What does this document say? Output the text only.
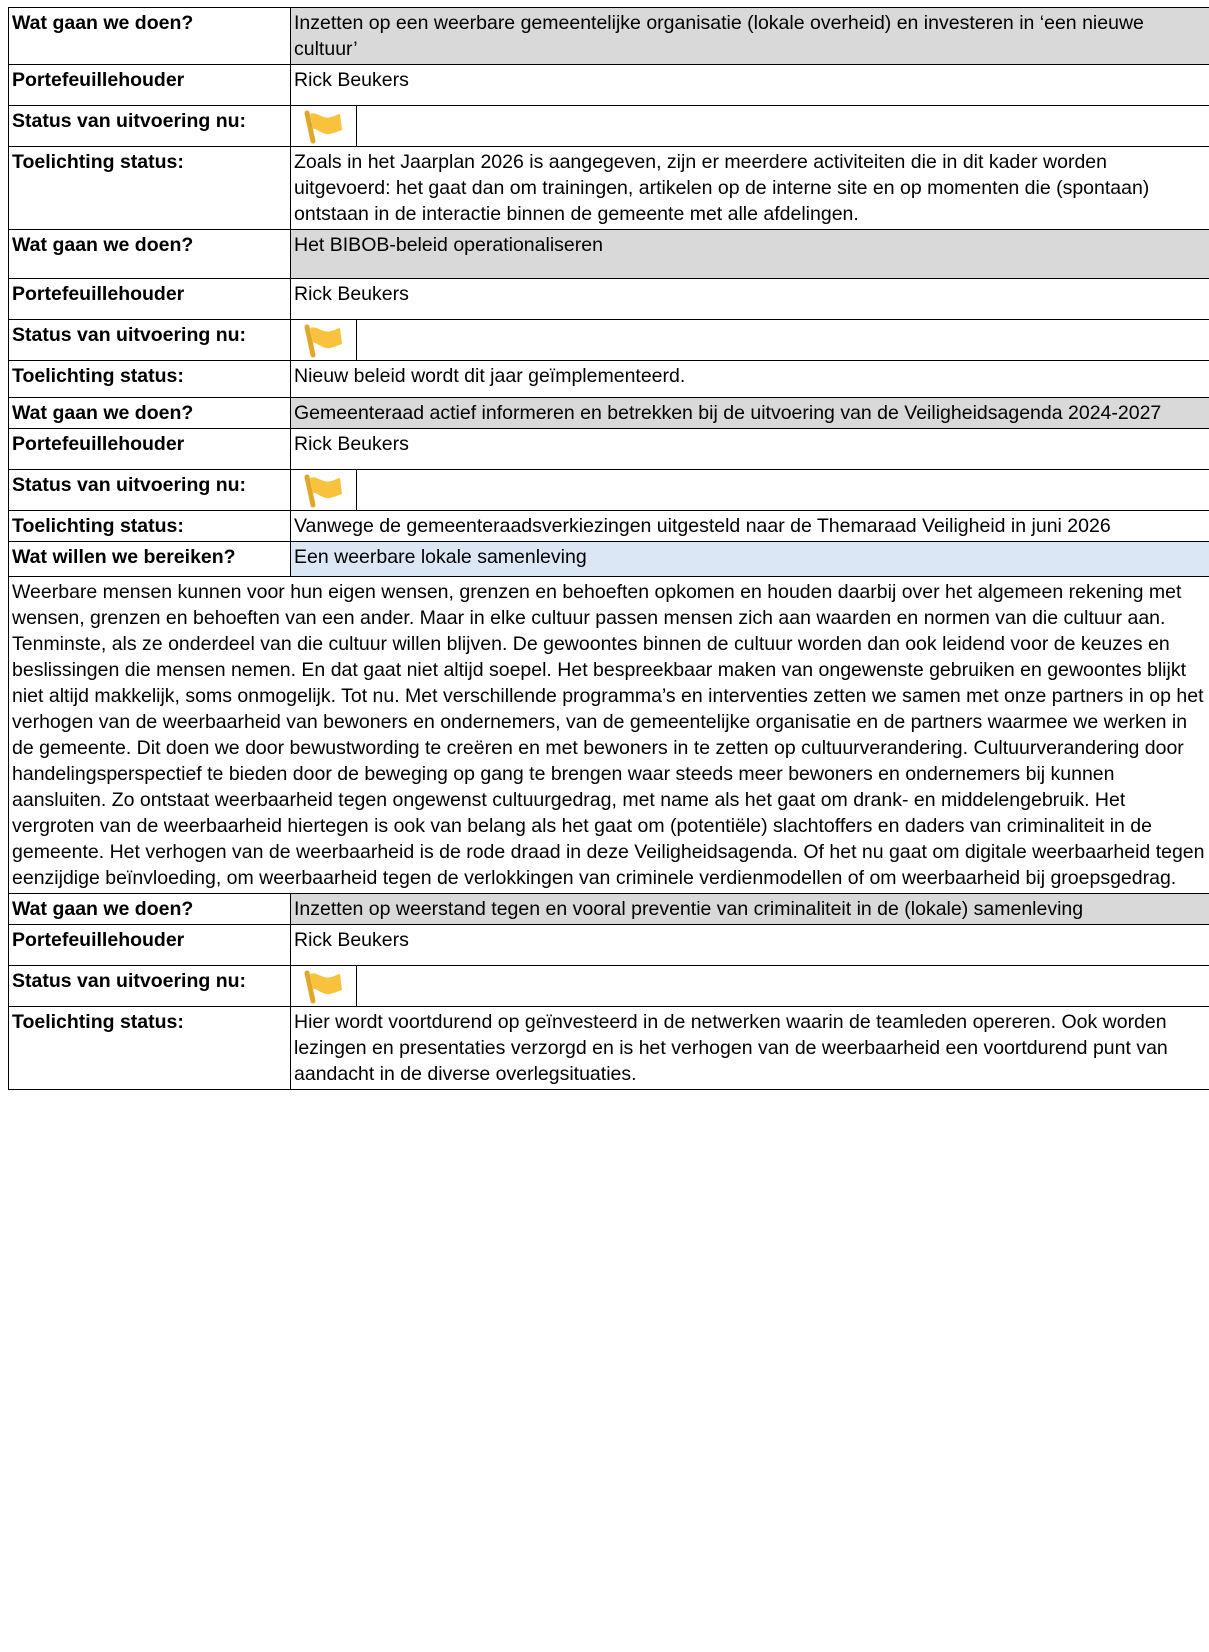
Wat gaan we doen?	Inzetten op een weerbare gemeentelijke organisatie (lokale overheid) en investeren in ‘een nieuwe cultuur’	
Portefeuillehouder	Rick Beukers	
Status van uitvoering nu:	

Toelichting status:	Zoals in het Jaarplan 2026 is aangegeven, zijn er meerdere activiteiten die in dit kader worden uitgevoerd: het gaat dan om trainingen, artikelen op de interne site en op momenten die (spontaan) ontstaan in de interactie binnen de gemeente met alle afdelingen.	
Wat gaan we doen?	Het BIBOB-beleid operationaliseren	
Portefeuillehouder	Rick Beukers	
Status van uitvoering nu:	

Toelichting status:	Nieuw beleid wordt dit jaar geïmplementeerd.	
Wat gaan we doen?	Gemeenteraad actief informeren en betrekken bij de uitvoering van de Veiligheidsagenda 2024-2027	
Portefeuillehouder	Rick Beukers	
Status van uitvoering nu:	

Toelichting status:	Vanwege de gemeenteraadsverkiezingen uitgesteld naar de Themaraad Veiligheid in juni 2026	
Wat willen we bereiken?	Een weerbare lokale samenleving	
Weerbare mensen kunnen voor hun eigen wensen, grenzen en behoeften opkomen en houden daarbij over het algemeen rekening met wensen, grenzen en behoeften van een ander. Maar in elke cultuur passen mensen zich aan waarden en normen van die cultuur aan. Tenminste, als ze onderdeel van die cultuur willen blijven. De gewoontes binnen de cultuur worden dan ook leidend voor de keuzes en beslissingen die mensen nemen. En dat gaat niet altijd soepel. Het bespreekbaar maken van ongewenste gebruiken en gewoontes blijkt niet altijd makkelijk, soms onmogelijk. Tot nu. Met verschillende programma’s en interventies zetten we samen met onze partners in op het verhogen van de weerbaarheid van bewoners en ondernemers, van de gemeentelijke organisatie en de partners waarmee we werken in de gemeente. Dit doen we door bewustwording te creëren en met bewoners in te zetten op cultuurverandering. Cultuurverandering door handelingsperspectief te bieden door de beweging op gang te brengen waar steeds meer bewoners en ondernemers bij kunnen aansluiten. Zo ontstaat weerbaarheid tegen ongewenst cultuurgedrag, met name als het gaat om drank- en middelengebruik. Het vergroten van de weerbaarheid hiertegen is ook van belang als het gaat om (potentiële) slachtoffers en daders van criminaliteit in de gemeente. Het verhogen van de weerbaarheid is de rode draad in deze Veiligheidsagenda. Of het nu gaat om digitale weerbaarheid tegen eenzijdige beïnvloeding, om weerbaarheid tegen de verlokkingen van criminele verdienmodellen of om weerbaarheid bij groepsgedrag.		
Wat gaan we doen?	Inzetten op weerstand tegen en vooral preventie van criminaliteit in de (lokale) samenleving	
Portefeuillehouder	Rick Beukers	
Status van uitvoering nu:	

Toelichting status:	Hier wordt voortdurend op geïnvesteerd in de netwerken waarin de teamleden opereren. Ook worden lezingen en presentaties verzorgd en is het verhogen van de weerbaarheid een voortdurend punt van aandacht in de diverse overlegsituaties.	
